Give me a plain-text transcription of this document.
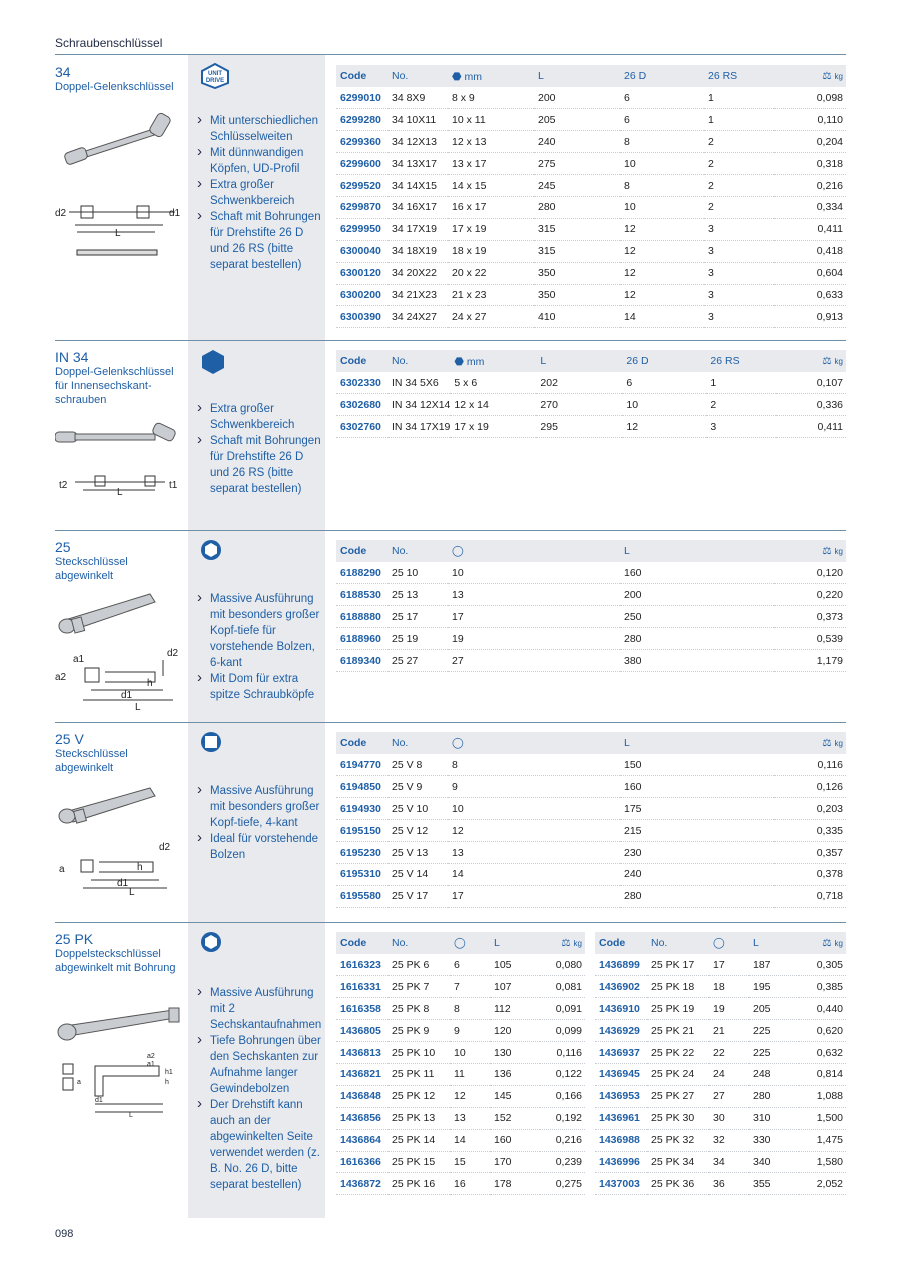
Schraubenschlüssel
34
Doppel-Gelenkschlüssel
d2	d1
L
UNIT
DRIVE
› Mit unterschiedlichen Schlüsselweiten
› Mit dünnwandigen Köpfen, UD-Profil
› Extra großer Schwenkbereich
› Schaft mit Bohrungen für Drehstifte 26 D und 26 RS (bitte separat bestellen)
Code	No.	⬣ mm	L	26 D	26 RS	⚖ kg
6299010	34 8X9	8 x 9	200	6	1	0,098
6299280	34 10X11	10 x 11	205	6	1	0,110
6299360	34 12X13	12 x 13	240	8	2	0,204
6299600	34 13X17	13 x 17	275	10	2	0,318
6299520	34 14X15	14 x 15	245	8	2	0,216
6299870	34 16X17	16 x 17	280	10	2	0,334
6299950	34 17X19	17 x 19	315	12	3	0,411
6300040	34 18X19	18 x 19	315	12	3	0,418
6300120	34 20X22	20 x 22	350	12	3	0,604
6300200	34 21X23	21 x 23	350	12	3	0,633
6300390	34 24X27	24 x 27	410	14	3	0,913
IN 34
Doppel-Gelenkschlüssel für Innensechskant-schrauben
t2	t1
L
› Extra großer Schwenkbereich
› Schaft mit Bohrungen für Drehstifte 26 D und 26 RS (bitte separat bestellen)
Code	No.	⬣ mm	L	26 D	26 RS	⚖ kg
6302330	IN 34 5X6	5 x 6	202	6	1	0,107
6302680	IN 34 12X14	12 x 14	270	10	2	0,336
6302760	IN 34 17X19	17 x 19	295	12	3	0,411
25
Steckschlüssel abgewinkelt
a1
a2
d2
h
d1
L
› Massive Ausführung mit besonders großer Kopf-tiefe für vorstehende Bolzen, 6-kant
› Mit Dom für extra spitze Schraubköpfe
Code	No.	◯	L	⚖ kg
6188290	25 10	10	160	0,120
6188530	25 13	13	200	0,220
6188880	25 17	17	250	0,373
6188960	25 19	19	280	0,539
6189340	25 27	27	380	1,179
25 V
Steckschlüssel abgewinkelt
a
d2
h
d1
L
› Massive Ausführung mit besonders großer Kopf-tiefe, 4-kant
› Ideal für vorstehende Bolzen
Code	No.	◯	L	⚖ kg
6194770	25 V 8	8	150	0,116
6194850	25 V 9	9	160	0,126
6194930	25 V 10	10	175	0,203
6195150	25 V 12	12	215	0,335
6195230	25 V 13	13	230	0,357
6195310	25 V 14	14	240	0,378
6195580	25 V 17	17	280	0,718
25 PK
Doppelsteckschlüssel abgewinkelt mit Bohrung
a2
a1
h1
h
a
d1
L
› Massive Ausführung mit 2 Sechskantaufnahmen
› Tiefe Bohrungen über den Sechskanten zur Aufnahme langer Gewindebolzen
› Der Drehstift kann auch an der abgewinkelten Seite verwendet werden (z. B. No. 26 D, bitte separat bestellen)
Code	No.	◯	L	⚖ kg
1616323	25 PK 6	6	105	0,080
1616331	25 PK 7	7	107	0,081
1616358	25 PK 8	8	112	0,091
1436805	25 PK 9	9	120	0,099
1436813	25 PK 10	10	130	0,116
1436821	25 PK 11	11	136	0,122
1436848	25 PK 12	12	145	0,166
1436856	25 PK 13	13	152	0,192
1436864	25 PK 14	14	160	0,216
1616366	25 PK 15	15	170	0,239
1436872	25 PK 16	16	178	0,275
Code	No.	◯	L	⚖ kg
1436899	25 PK 17	17	187	0,305
1436902	25 PK 18	18	195	0,385
1436910	25 PK 19	19	205	0,440
1436929	25 PK 21	21	225	0,620
1436937	25 PK 22	22	225	0,632
1436945	25 PK 24	24	248	0,814
1436953	25 PK 27	27	280	1,088
1436961	25 PK 30	30	310	1,500
1436988	25 PK 32	32	330	1,475
1436996	25 PK 34	34	340	1,580
1437003	25 PK 36	36	355	2,052
098
